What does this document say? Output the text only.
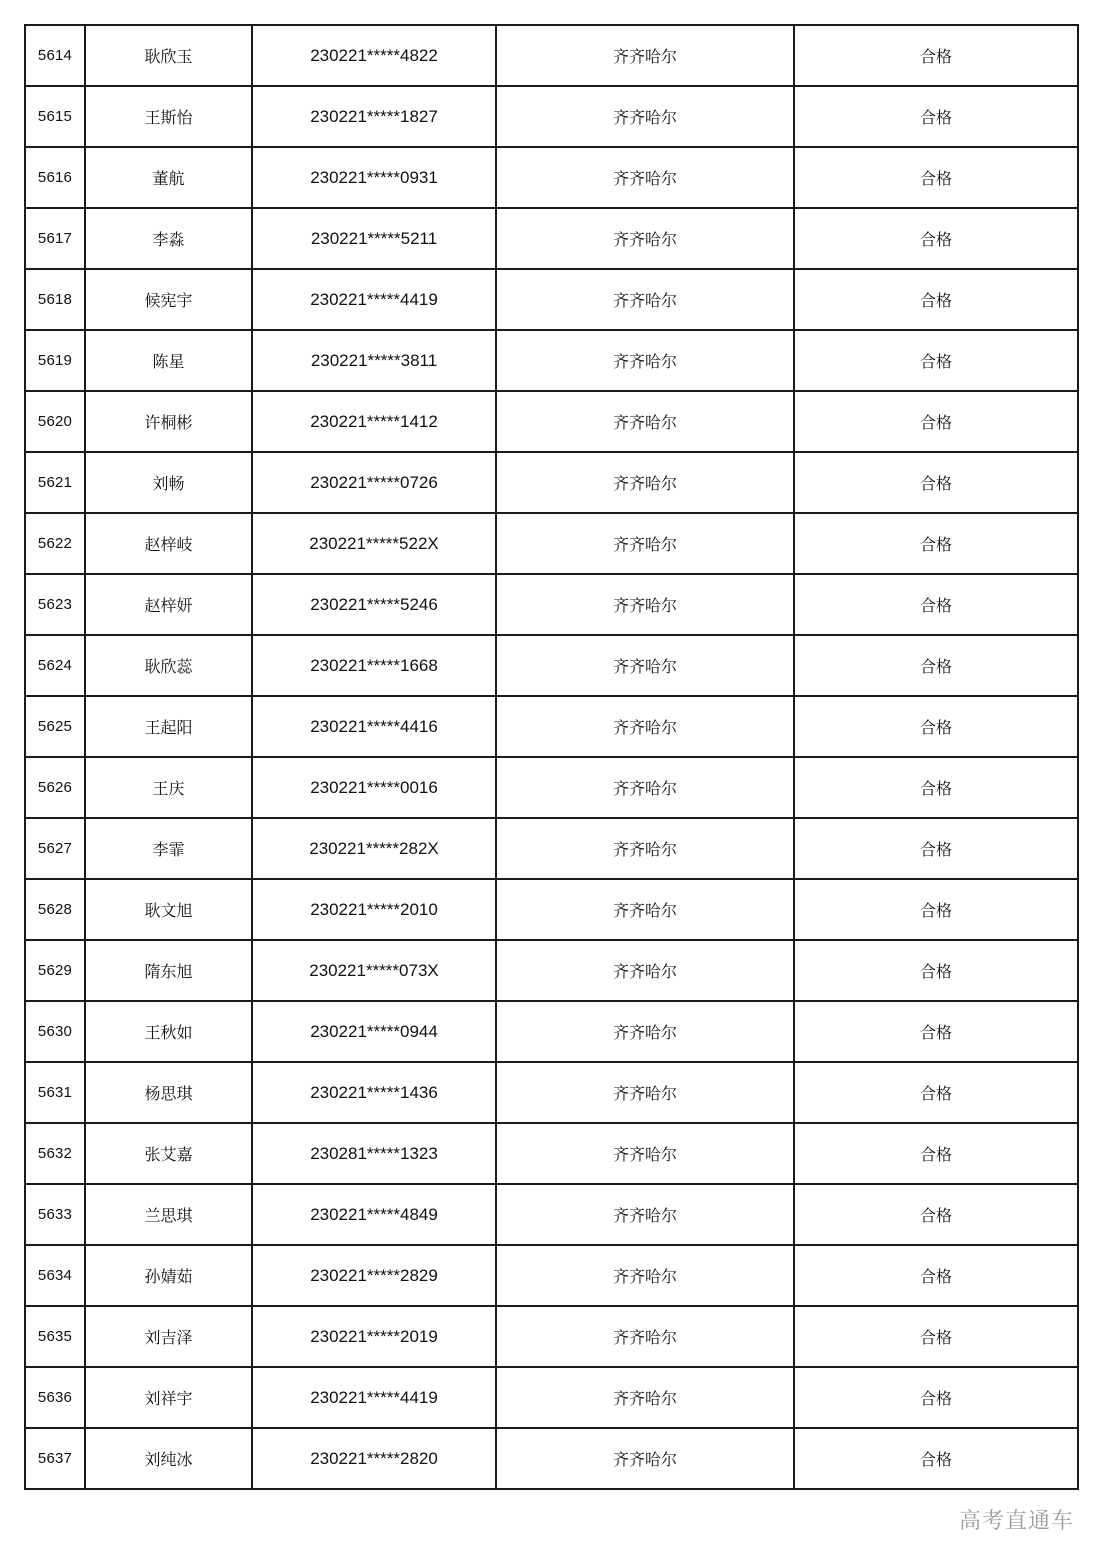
5614	耿欣玉	230221*****4822	齐齐哈尔	合格
5615	王斯怡	230221*****1827	齐齐哈尔	合格
5616	董航	230221*****0931	齐齐哈尔	合格
5617	李淼	230221*****5211	齐齐哈尔	合格
5618	候宪宇	230221*****4419	齐齐哈尔	合格
5619	陈星	230221*****3811	齐齐哈尔	合格
5620	许桐彬	230221*****1412	齐齐哈尔	合格
5621	刘畅	230221*****0726	齐齐哈尔	合格
5622	赵梓岐	230221*****522X	齐齐哈尔	合格
5623	赵梓妍	230221*****5246	齐齐哈尔	合格
5624	耿欣蕊	230221*****1668	齐齐哈尔	合格
5625	王起阳	230221*****4416	齐齐哈尔	合格
5626	王庆	230221*****0016	齐齐哈尔	合格
5627	李霏	230221*****282X	齐齐哈尔	合格
5628	耿文旭	230221*****2010	齐齐哈尔	合格
5629	隋东旭	230221*****073X	齐齐哈尔	合格
5630	王秋如	230221*****0944	齐齐哈尔	合格
5631	杨思琪	230221*****1436	齐齐哈尔	合格
5632	张艾嘉	230281*****1323	齐齐哈尔	合格
5633	兰思琪	230221*****4849	齐齐哈尔	合格
5634	孙婧茹	230221*****2829	齐齐哈尔	合格
5635	刘吉泽	230221*****2019	齐齐哈尔	合格
5636	刘祥宇	230221*****4419	齐齐哈尔	合格
5637	刘纯冰	230221*****2820	齐齐哈尔	合格
高考直通车
